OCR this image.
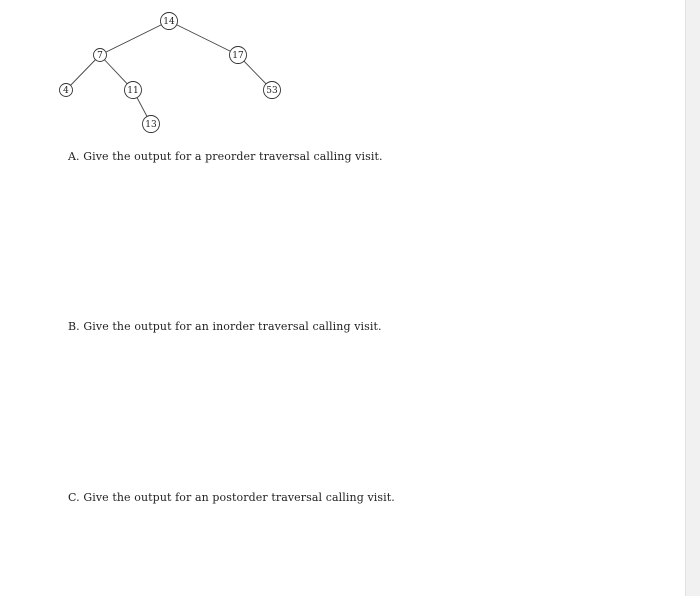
14
7	17
4	11	53
13
A. Give the output for a preorder traversal calling visit.
B. Give the output for an inorder traversal calling visit.
C. Give the output for an postorder traversal calling visit.
